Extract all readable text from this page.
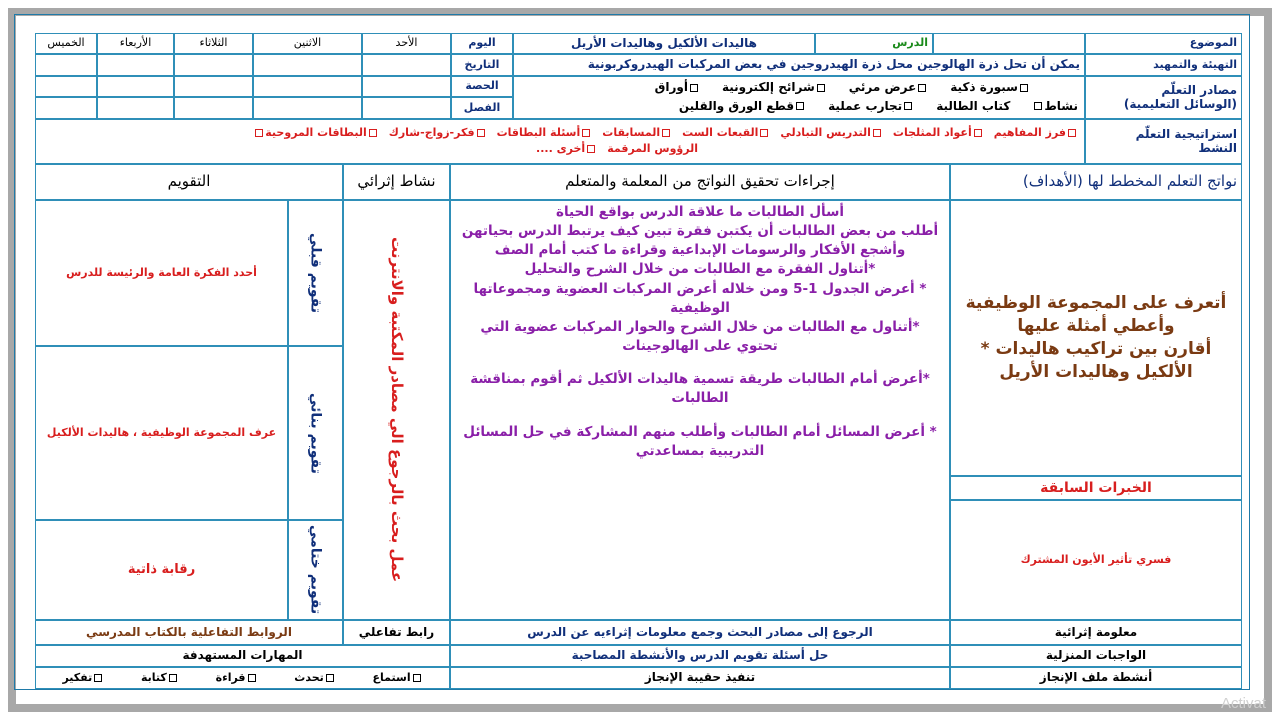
الموضوع
الدرس
هاليدات الألكيل وهاليدات الأريل
اليوم
الأحد
الاثنين
الثلاثاء
الأربعاء
الخميس
التهيئة والتمهيد
يمكن أن تحل ذرة الهالوجين محل ذرة الهيدروجين في بعض المركبات الهيدروكربونية
التاريخ
مصادر التعلّم
(الوسائل التعليمية)
سبورة ذكية
عرض مرئي
شرائح إلكترونية
أوراق
نشاط
كتاب الطالبة
تجارب عملية
قطع الورق والقلين
الحصة
الفصل
استراتيجية التعلّم
النشط
فرز المفاهيم
أعواد المثلجات
التدريس التبادلي
القبعات الست
المسابقات
أسئلة البطاقات
فكر-زواج-شارك
البطاقات المروحية
الرؤوس المرقمة
أخرى ....
نواتج التعلم المخطط لها (الأهداف)
إجراءات تحقيق النواتج من المعلمة والمتعلم
نشاط إثرائي
التقويم
أتعرف على المجموعة الوظيفية وأعطي أمثلة عليها
* أقارن بين تراكيب هاليدات الألكيل وهاليدات الأريل
الخبرات السابقة
فسري تأثير الأيون المشترك
أسأل الطالبات ما علاقة الدرس بواقع الحياة
أطلب من بعض الطالبات أن يكتبن فقرة تبين كيف يرتبط الدرس بحياتهن وأشجع الأفكار والرسومات الإبداعية وقراءة ما كتب أمام الصف
*أتناول الفقرة مع الطالبات من خلال الشرح والتحليل
* أعرض الجدول 1-5 ومن خلاله أعرض المركبات العضوية ومجموعاتها الوظيفية
*أتناول مع الطالبات من خلال الشرح والحوار المركبات عضوية التي تحتوي على الهالوجينات
*أعرض أمام الطالبات طريقة تسمية هاليدات الألكيل ثم أقوم بمناقشة الطالبات
* أعرض المسائل أمام الطالبات وأطلب منهم المشاركة في حل المسائل التدريبية بمساعدتي
عمل بحث بالرجوع الي مصادر المكتبة والانترنت
تقويم قبلي
أحدد الفكرة العامة والرئيسة للدرس
تقويم بنائي
عرف المجموعة الوظيفية ، هاليدات الألكيل
تقويم ختامي
رقابة ذاتية
معلومة إثرائية
الرجوع إلى مصادر البحث وجمع معلومات إثراءيه عن الدرس
رابط تفاعلي
الروابط التفاعلية بالكتاب المدرسي
الواجبات المنزلية
حل أسئلة تقويم الدرس والأنشطة المصاحبة
المهارات المستهدفة
أنشطة ملف الإنجاز
تنفيذ حقيبة الإنجاز
استماع
تحدث
قراءة
كتابة
تفكير
Activat
